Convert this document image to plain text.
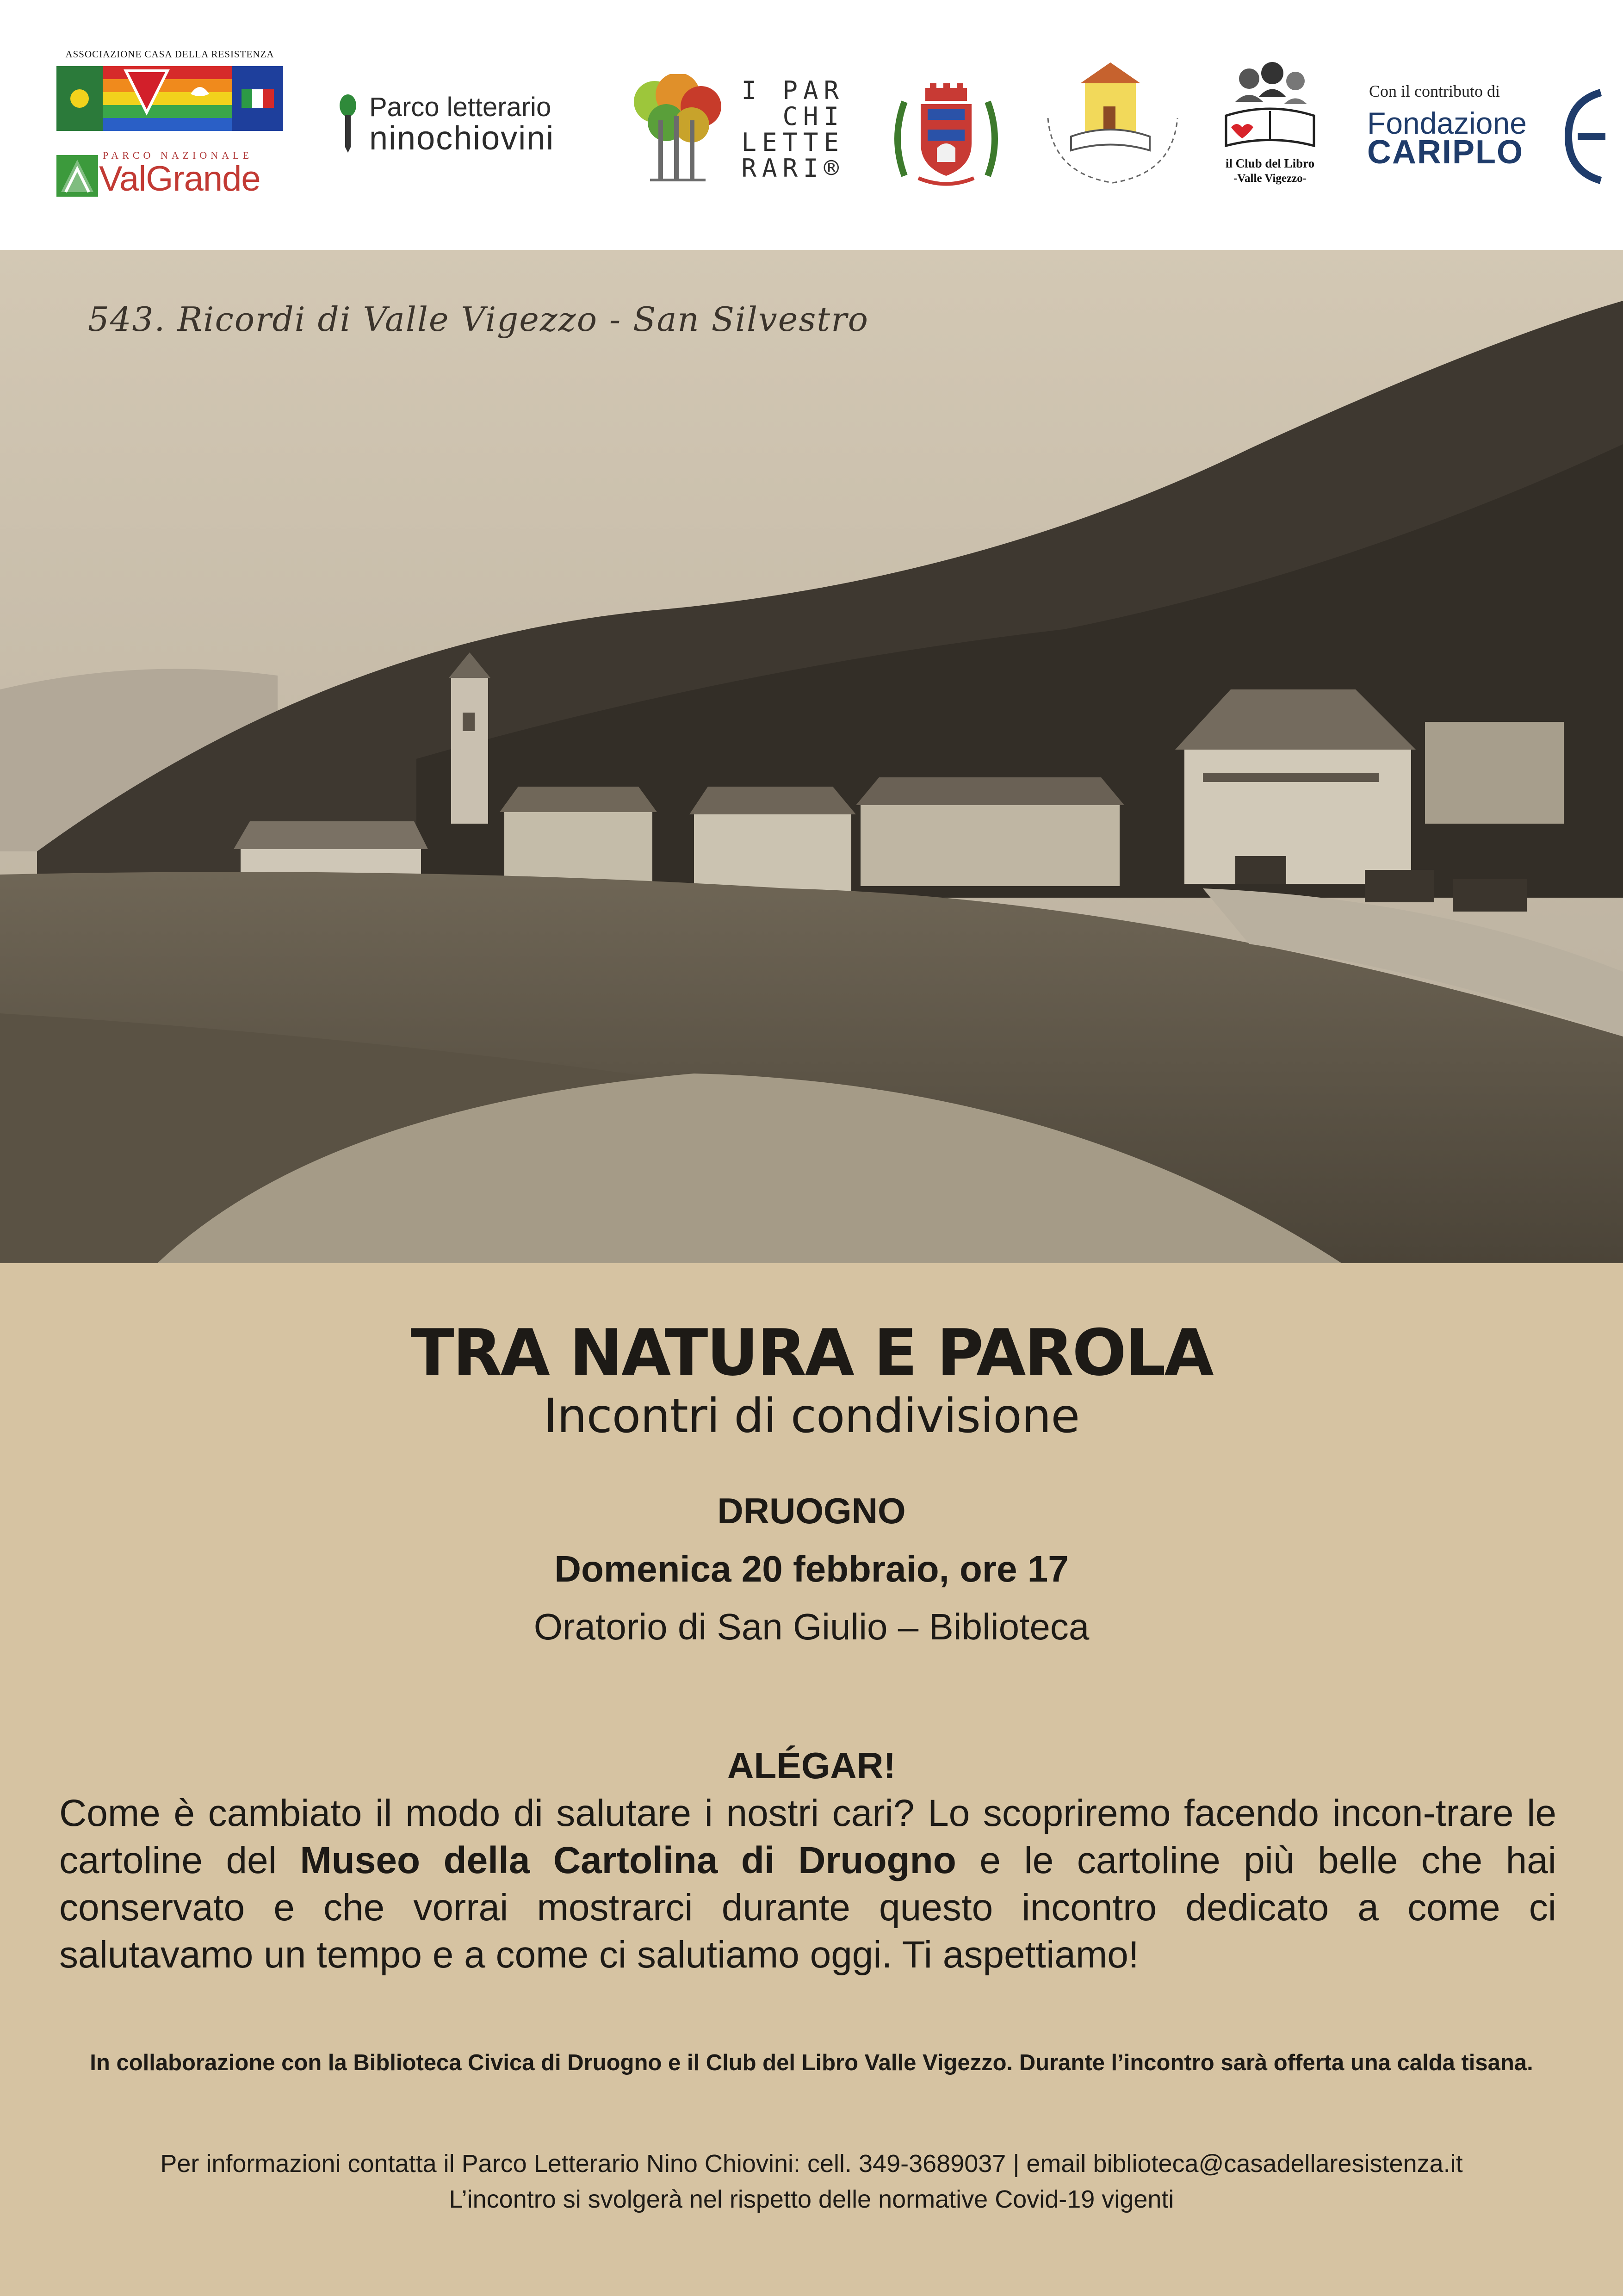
ASSOCIAZIONE CASA DELLA RESISTENZA
PARCO NAZIONALE
ValGrande
Parco letterario
ninochiovini
I PAR
CHI
LETTE
RARI®	il Club del Libro
-Valle Vigezzo-
Con il contributo di
Fondazione
CARIPLO
543. Ricordi di Valle Vigezzo - San Silvestro
TRA NATURA E PAROLA
Incontri di condivisione
DRUOGNO
Domenica 20 febbraio, ore 17
Oratorio di San Giulio – Biblioteca
ALÉGAR!
Come è cambiato il modo di salutare i nostri cari? Lo scopriremo facendo incon-trare le cartoline del Museo della Cartolina di Druogno e le cartoline più belle che hai conservato e che vorrai mostrarci durante questo incontro dedicato a come ci salutavamo un tempo e a come ci salutiamo oggi. Ti aspettiamo!
In collaborazione con la Biblioteca Civica di Druogno e il Club del Libro Valle Vigezzo. Durante l’incontro sarà offerta una calda tisana.
Per informazioni contatta il Parco Letterario Nino Chiovini: cell. 349-3689037 | email biblioteca@casadellaresistenza.it
L’incontro si svolgerà nel rispetto delle normative Covid-19 vigenti
